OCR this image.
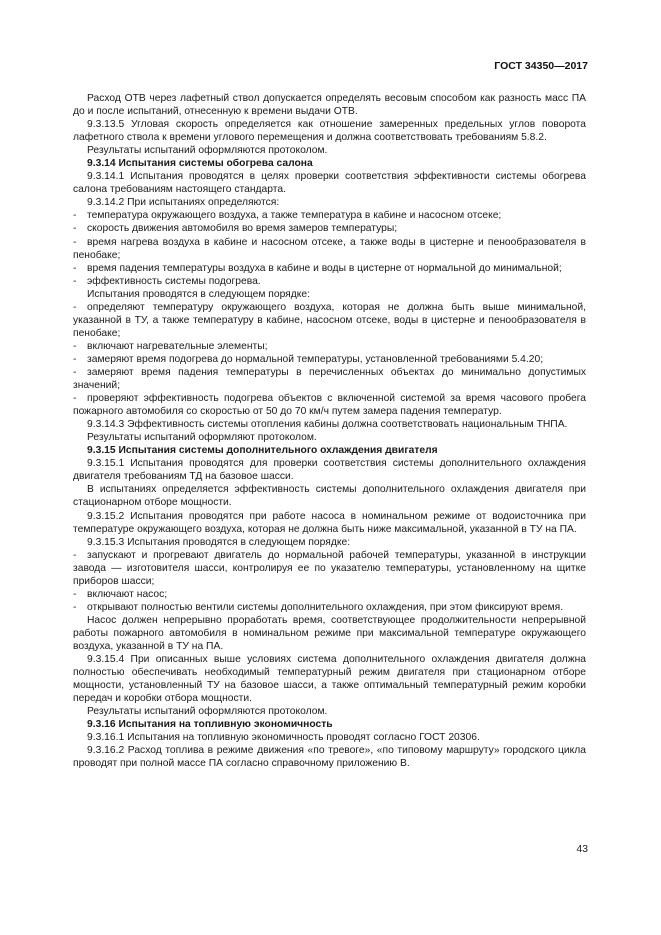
ГОСТ 34350—2017

Расход ОТВ через лафетный ствол допускается определять весовым способом как разность масс ПА до и после испытаний, отнесенную к времени выдачи ОТВ.

9.3.13.5 Угловая скорость определяется как отношение замеренных предельных углов поворота лафетного ствола к времени углового перемещения и должна соответствовать требованиям 5.8.2.

Результаты испытаний оформляются протоколом.

9.3.14 Испытания системы обогрева салона

9.3.14.1 Испытания проводятся в целях проверки соответствия эффективности системы обогрева салона требованиям настоящего стандарта.

9.3.14.2 При испытаниях определяются:

- температура окружающего воздуха, а также температура в кабине и насосном отсеке;

- скорость движения автомобиля во время замеров температуры;

- время нагрева воздуха в кабине и насосном отсеке, а также воды в цистерне и пенообразователя в пенобаке;

- время падения температуры воздуха в кабине и воды в цистерне от нормальной до минимальной;

- эффективность системы подогрева.

Испытания проводятся в следующем порядке:

- определяют температуру окружающего воздуха, которая не должна быть выше минимальной, указанной в ТУ, а также температуру в кабине, насосном отсеке, воды в цистерне и пенообразователя в пенобаке;

- включают нагревательные элементы;

- замеряют время подогрева до нормальной температуры, установленной требованиями 5.4.20;

- замеряют время падения температуры в перечисленных объектах до минимально допустимых значений;

- проверяют эффективность подогрева объектов с включенной системой за время часового пробега пожарного автомобиля со скоростью от 50 до 70 км/ч путем замера падения температур.

9.3.14.3 Эффективность системы отопления кабины должна соответствовать национальным ТНПА.

Результаты испытаний оформляют протоколом.

9.3.15 Испытания системы дополнительного охлаждения двигателя

9.3.15.1 Испытания проводятся для проверки соответствия системы дополнительного охлаждения двигателя требованиям ТД на базовое шасси.

В испытаниях определяется эффективность системы дополнительного охлаждения двигателя при стационарном отборе мощности.

9.3.15.2 Испытания проводятся при работе насоса в номинальном режиме от водоисточника при температуре окружающего воздуха, которая не должна быть ниже максимальной, указанной в ТУ на ПА.

9.3.15.3 Испытания проводятся в следующем порядке:

- запускают и прогревают двигатель до нормальной рабочей температуры, указанной в инструкции завода — изготовителя шасси, контролируя ее по указателю температуры, установленному на щитке приборов шасси;

- включают насос;

- открывают полностью вентили системы дополнительного охлаждения, при этом фиксируют время.

Насос должен непрерывно проработать время, соответствующее продолжительности непрерывной работы пожарного автомобиля в номинальном режиме при максимальной температуре окружающего воздуха, указанной в ТУ на ПА.

9.3.15.4 При описанных выше условиях система дополнительного охлаждения двигателя должна полностью обеспечивать необходимый температурный режим двигателя при стационарном отборе мощности, установленный ТУ на базовое шасси, а также оптимальный температурный режим коробки передач и коробки отбора мощности.

Результаты испытаний оформляются протоколом.

9.3.16 Испытания на топливную экономичность

9.3.16.1 Испытания на топливную экономичность проводят согласно ГОСТ 20306.

9.3.16.2 Расход топлива в режиме движения «по тревоге», «по типовому маршруту» городского цикла проводят при полной массе ПА согласно справочному приложению В.

43
